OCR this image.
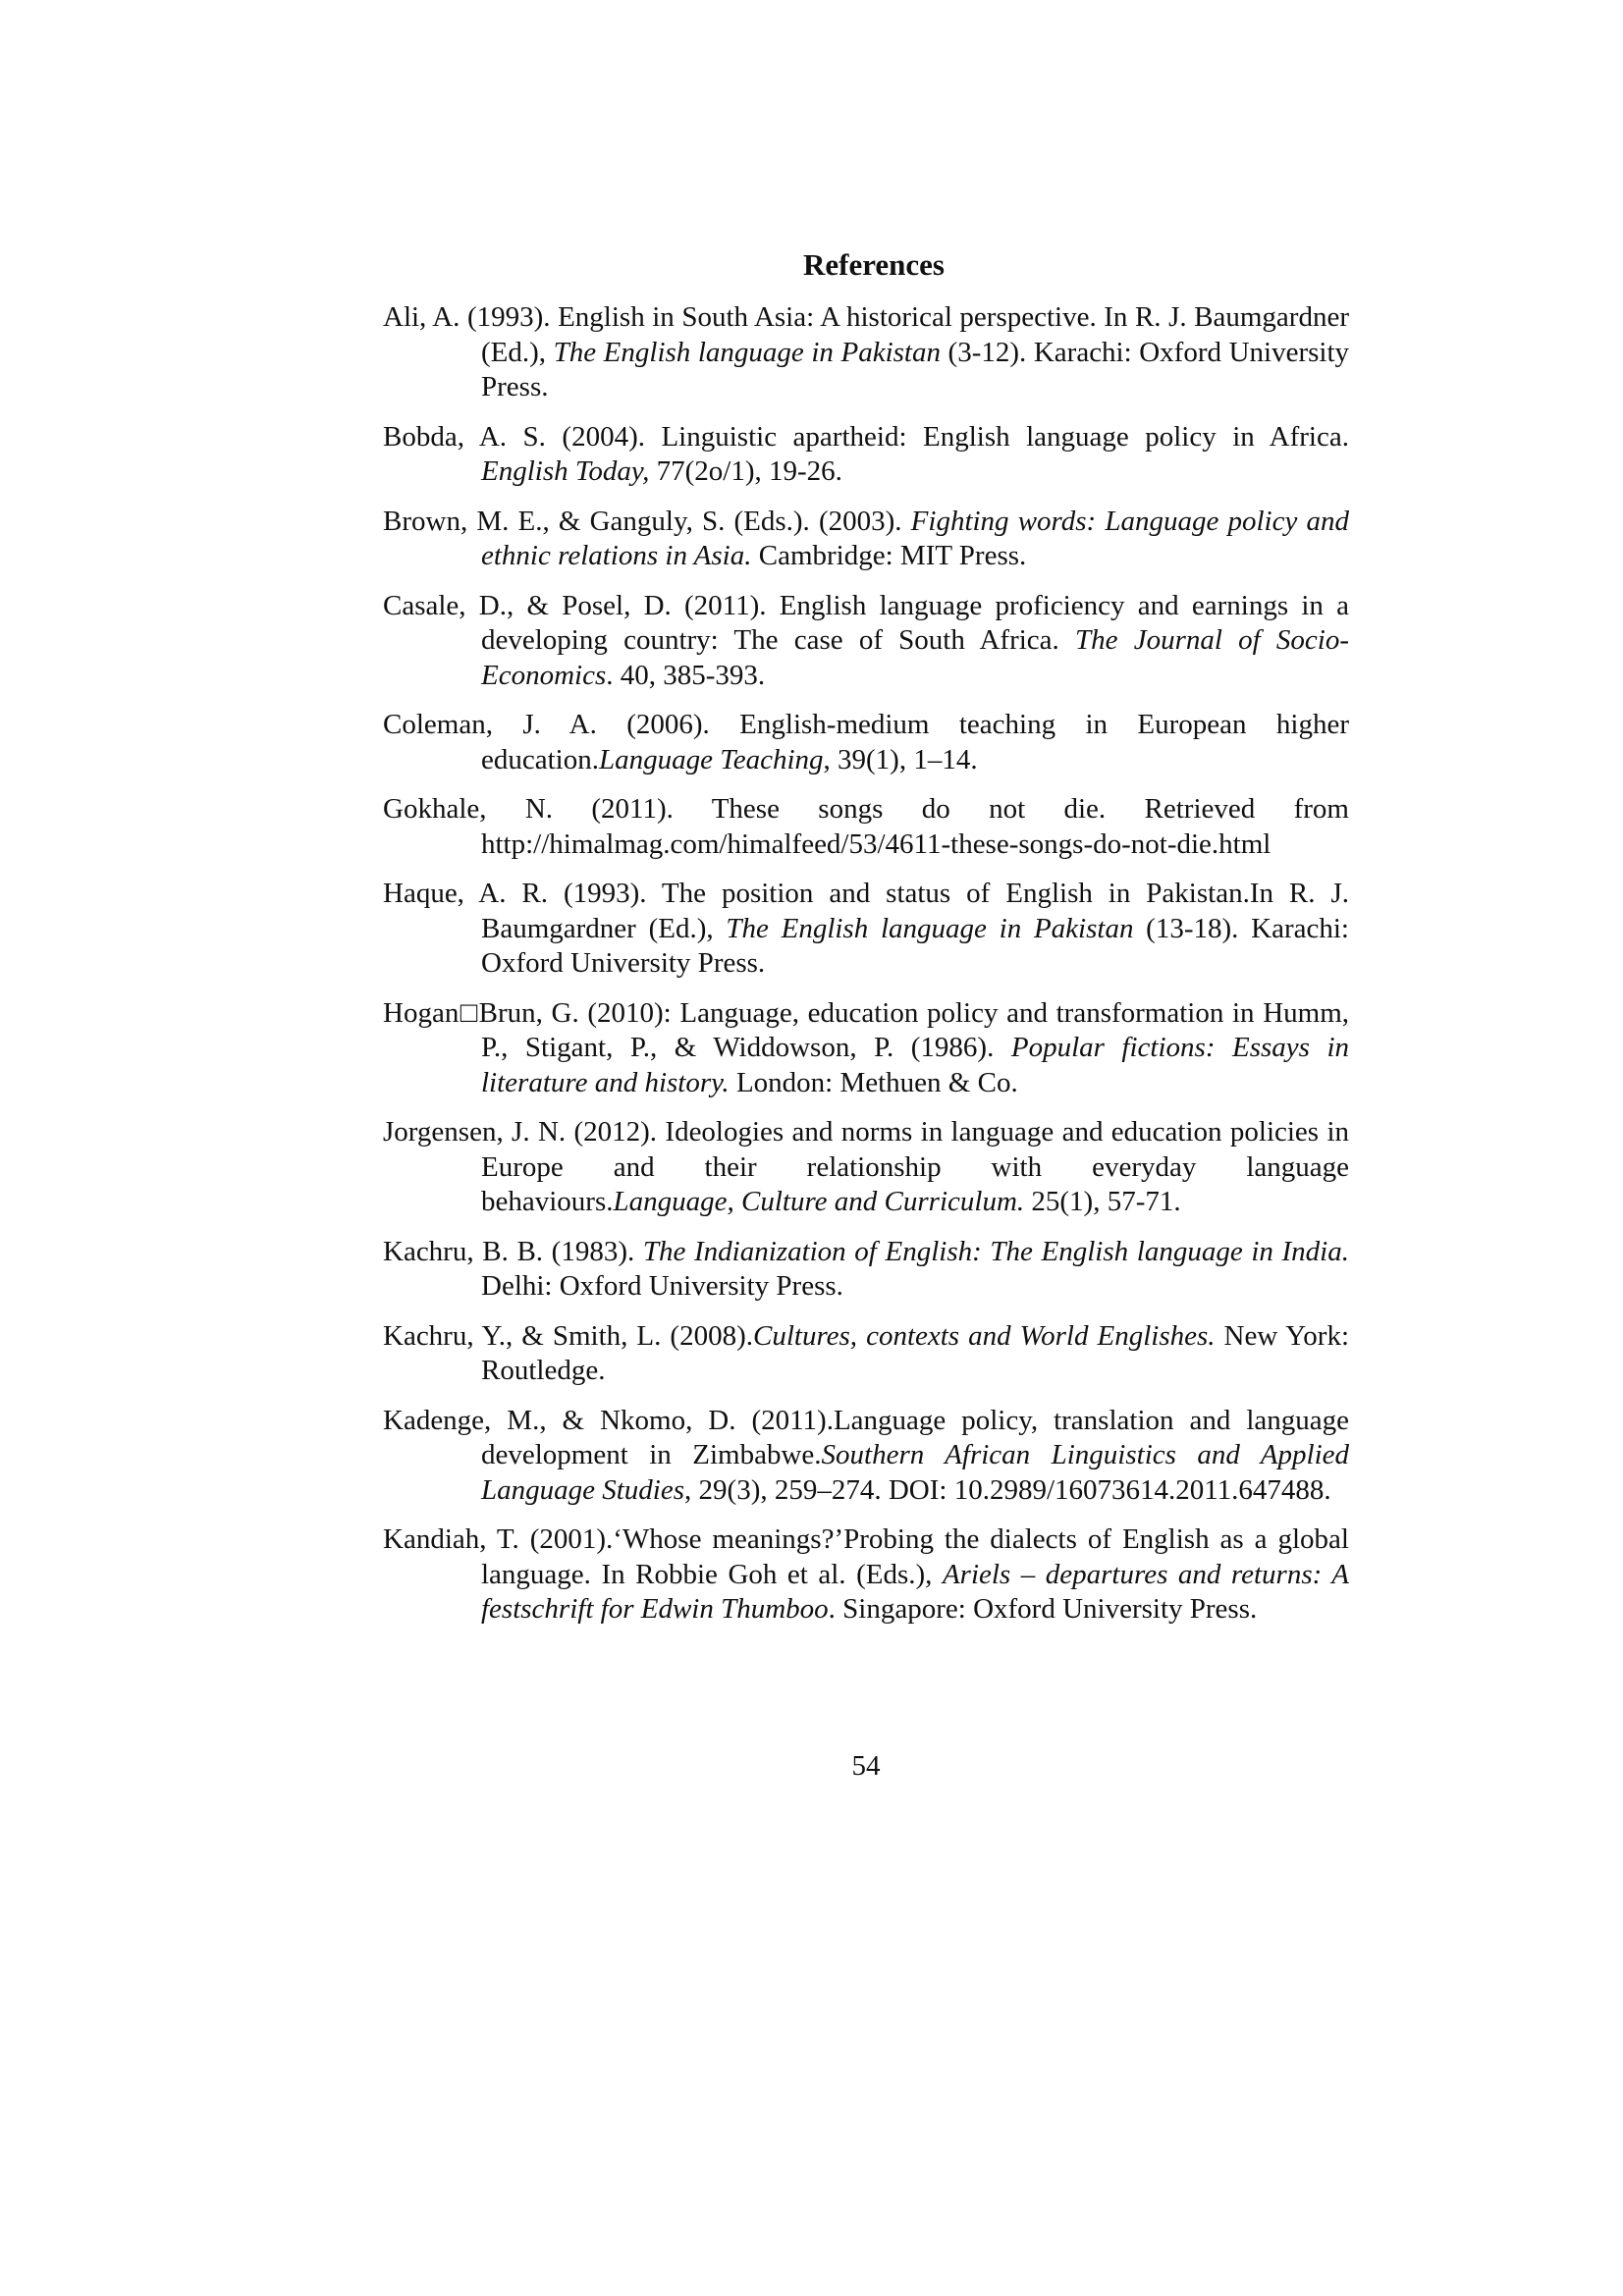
References
Ali, A. (1993). English in South Asia: A historical perspective. In R. J. Baumgardner (Ed.), The English language in Pakistan (3-12). Karachi: Oxford University Press.
Bobda, A. S. (2004). Linguistic apartheid: English language policy in Africa. English Today, 77(2o/1), 19-26.
Brown, M. E., & Ganguly, S. (Eds.). (2003). Fighting words: Language policy and ethnic relations in Asia. Cambridge: MIT Press.
Casale, D., & Posel, D. (2011). English language proficiency and earnings in a developing country: The case of South Africa. The Journal of Socio-Economics. 40, 385-393.
Coleman, J. A. (2006). English-medium teaching in European higher education.Language Teaching, 39(1), 1–14.
Gokhale, N. (2011). These songs do not die. Retrieved from http://himalmag.com/himalfeed/53/4611-these-songs-do-not-die.html
Haque, A. R. (1993). The position and status of English in Pakistan.In R. J. Baumgardner (Ed.), The English language in Pakistan (13-18). Karachi: Oxford University Press.
Hogan□Brun, G. (2010): Language, education policy and transformation in Humm, P., Stigant, P., & Widdowson, P. (1986). Popular fictions: Essays in literature and history. London: Methuen & Co.
Jorgensen, J. N. (2012). Ideologies and norms in language and education policies in Europe and their relationship with everyday language behaviours.Language, Culture and Curriculum. 25(1), 57-71.
Kachru, B. B. (1983). The Indianization of English: The English language in India. Delhi: Oxford University Press.
Kachru, Y., & Smith, L. (2008).Cultures, contexts and World Englishes. New York: Routledge.
Kadenge, M., & Nkomo, D. (2011).Language policy, translation and language development in Zimbabwe.Southern African Linguistics and Applied Language Studies, 29(3), 259–274. DOI: 10.2989/16073614.2011.647488.
Kandiah, T. (2001).‘Whose meanings?’Probing the dialects of English as a global language. In Robbie Goh et al. (Eds.), Ariels – departures and returns: A festschrift for Edwin Thumboo. Singapore: Oxford University Press.

54
